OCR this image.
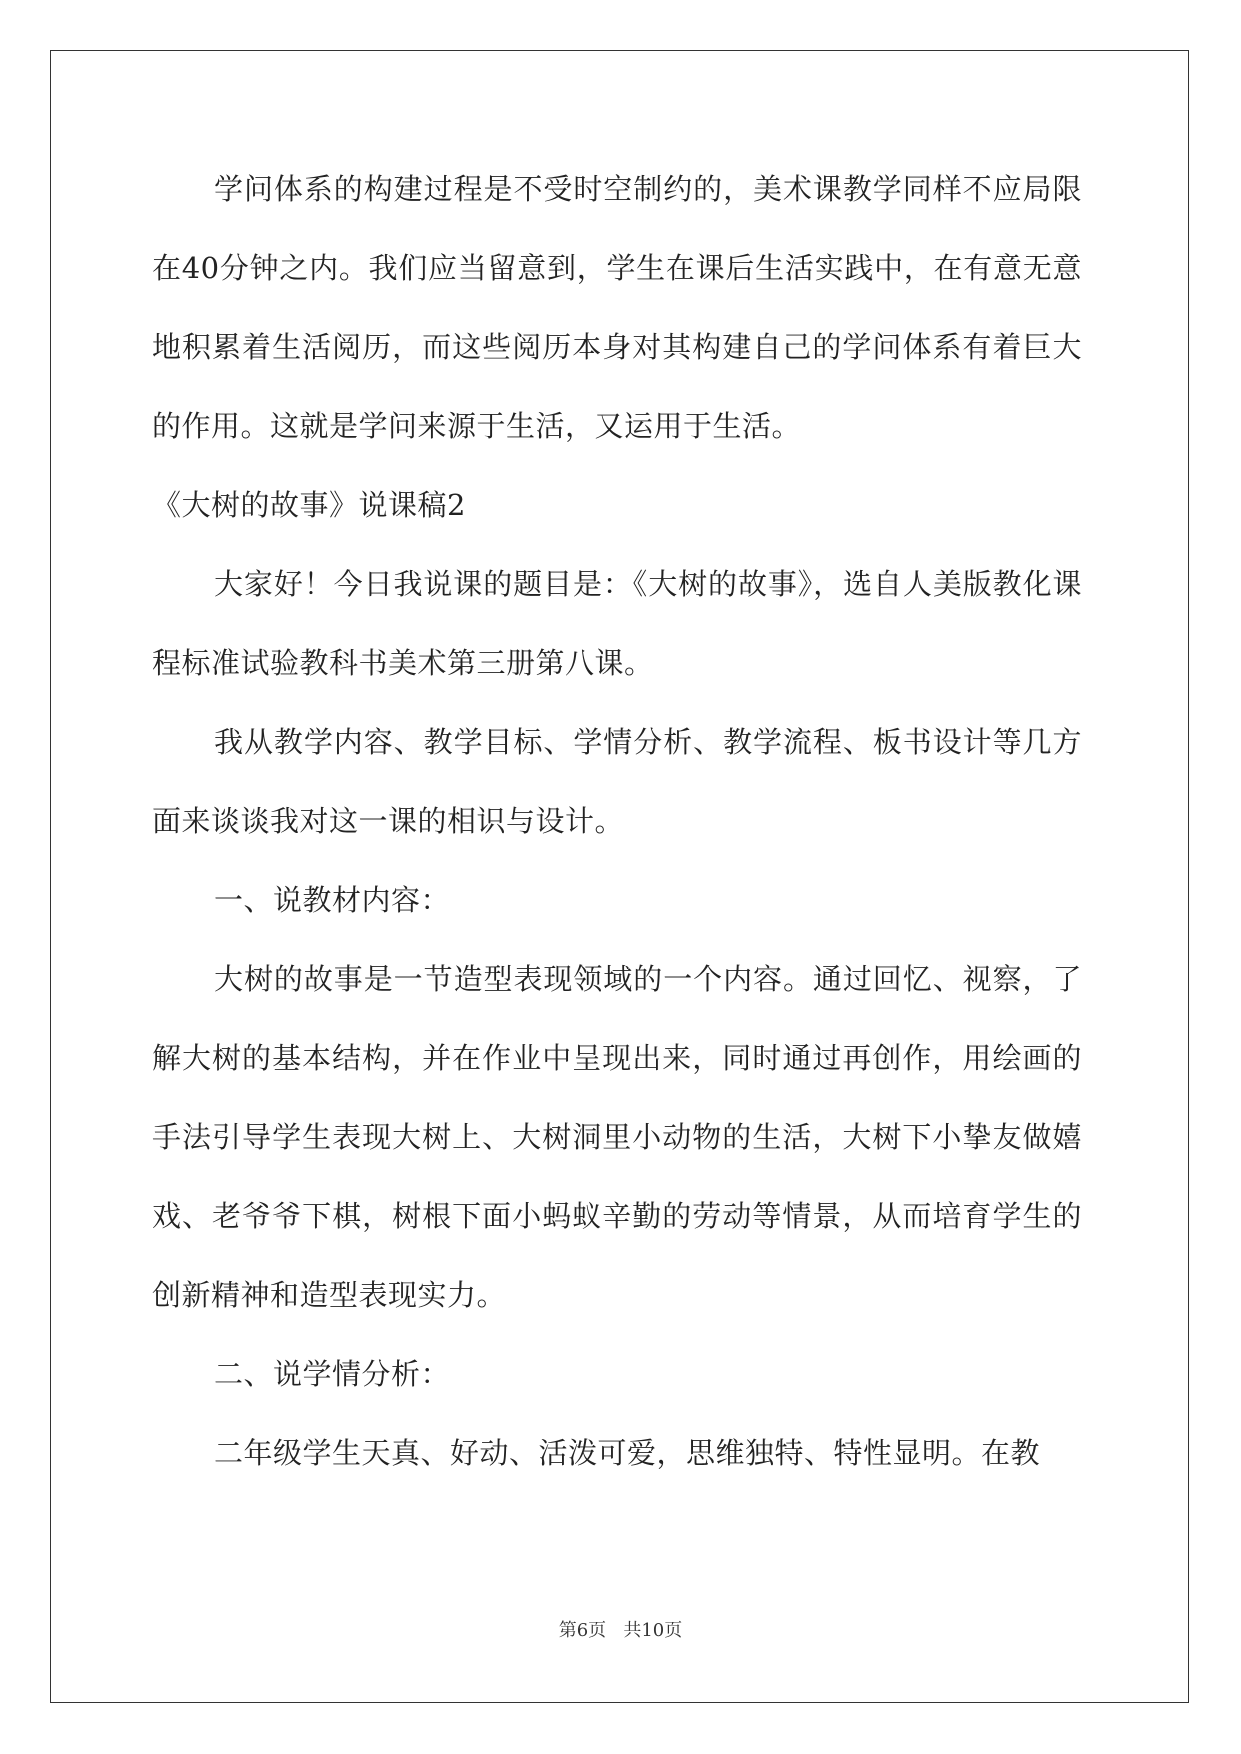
学问体系的构建过程是不受时空制约的，美术课教学同样不应局限在40分钟之内。我们应当留意到，学生在课后生活实践中，在有意无意地积累着生活阅历，而这些阅历本身对其构建自己的学问体系有着巨大的作用。这就是学问来源于生活，又运用于生活。

《大树的故事》说课稿2

大家好！今日我说课的题目是：《大树的故事》，选自人美版教化课程标准试验教科书美术第三册第八课。

我从教学内容、教学目标、学情分析、教学流程、板书设计等几方面来谈谈我对这一课的相识与设计。

一、说教材内容：

大树的故事是一节造型表现领域的一个内容。通过回忆、视察，了解大树的基本结构，并在作业中呈现出来，同时通过再创作，用绘画的手法引导学生表现大树上、大树洞里小动物的生活，大树下小挚友做嬉戏、老爷爷下棋，树根下面小蚂蚁辛勤的劳动等情景，从而培育学生的创新精神和造型表现实力。

二、说学情分析：

二年级学生天真、好动、活泼可爱，思维独特、特性显明。在教

第6页   共10页
